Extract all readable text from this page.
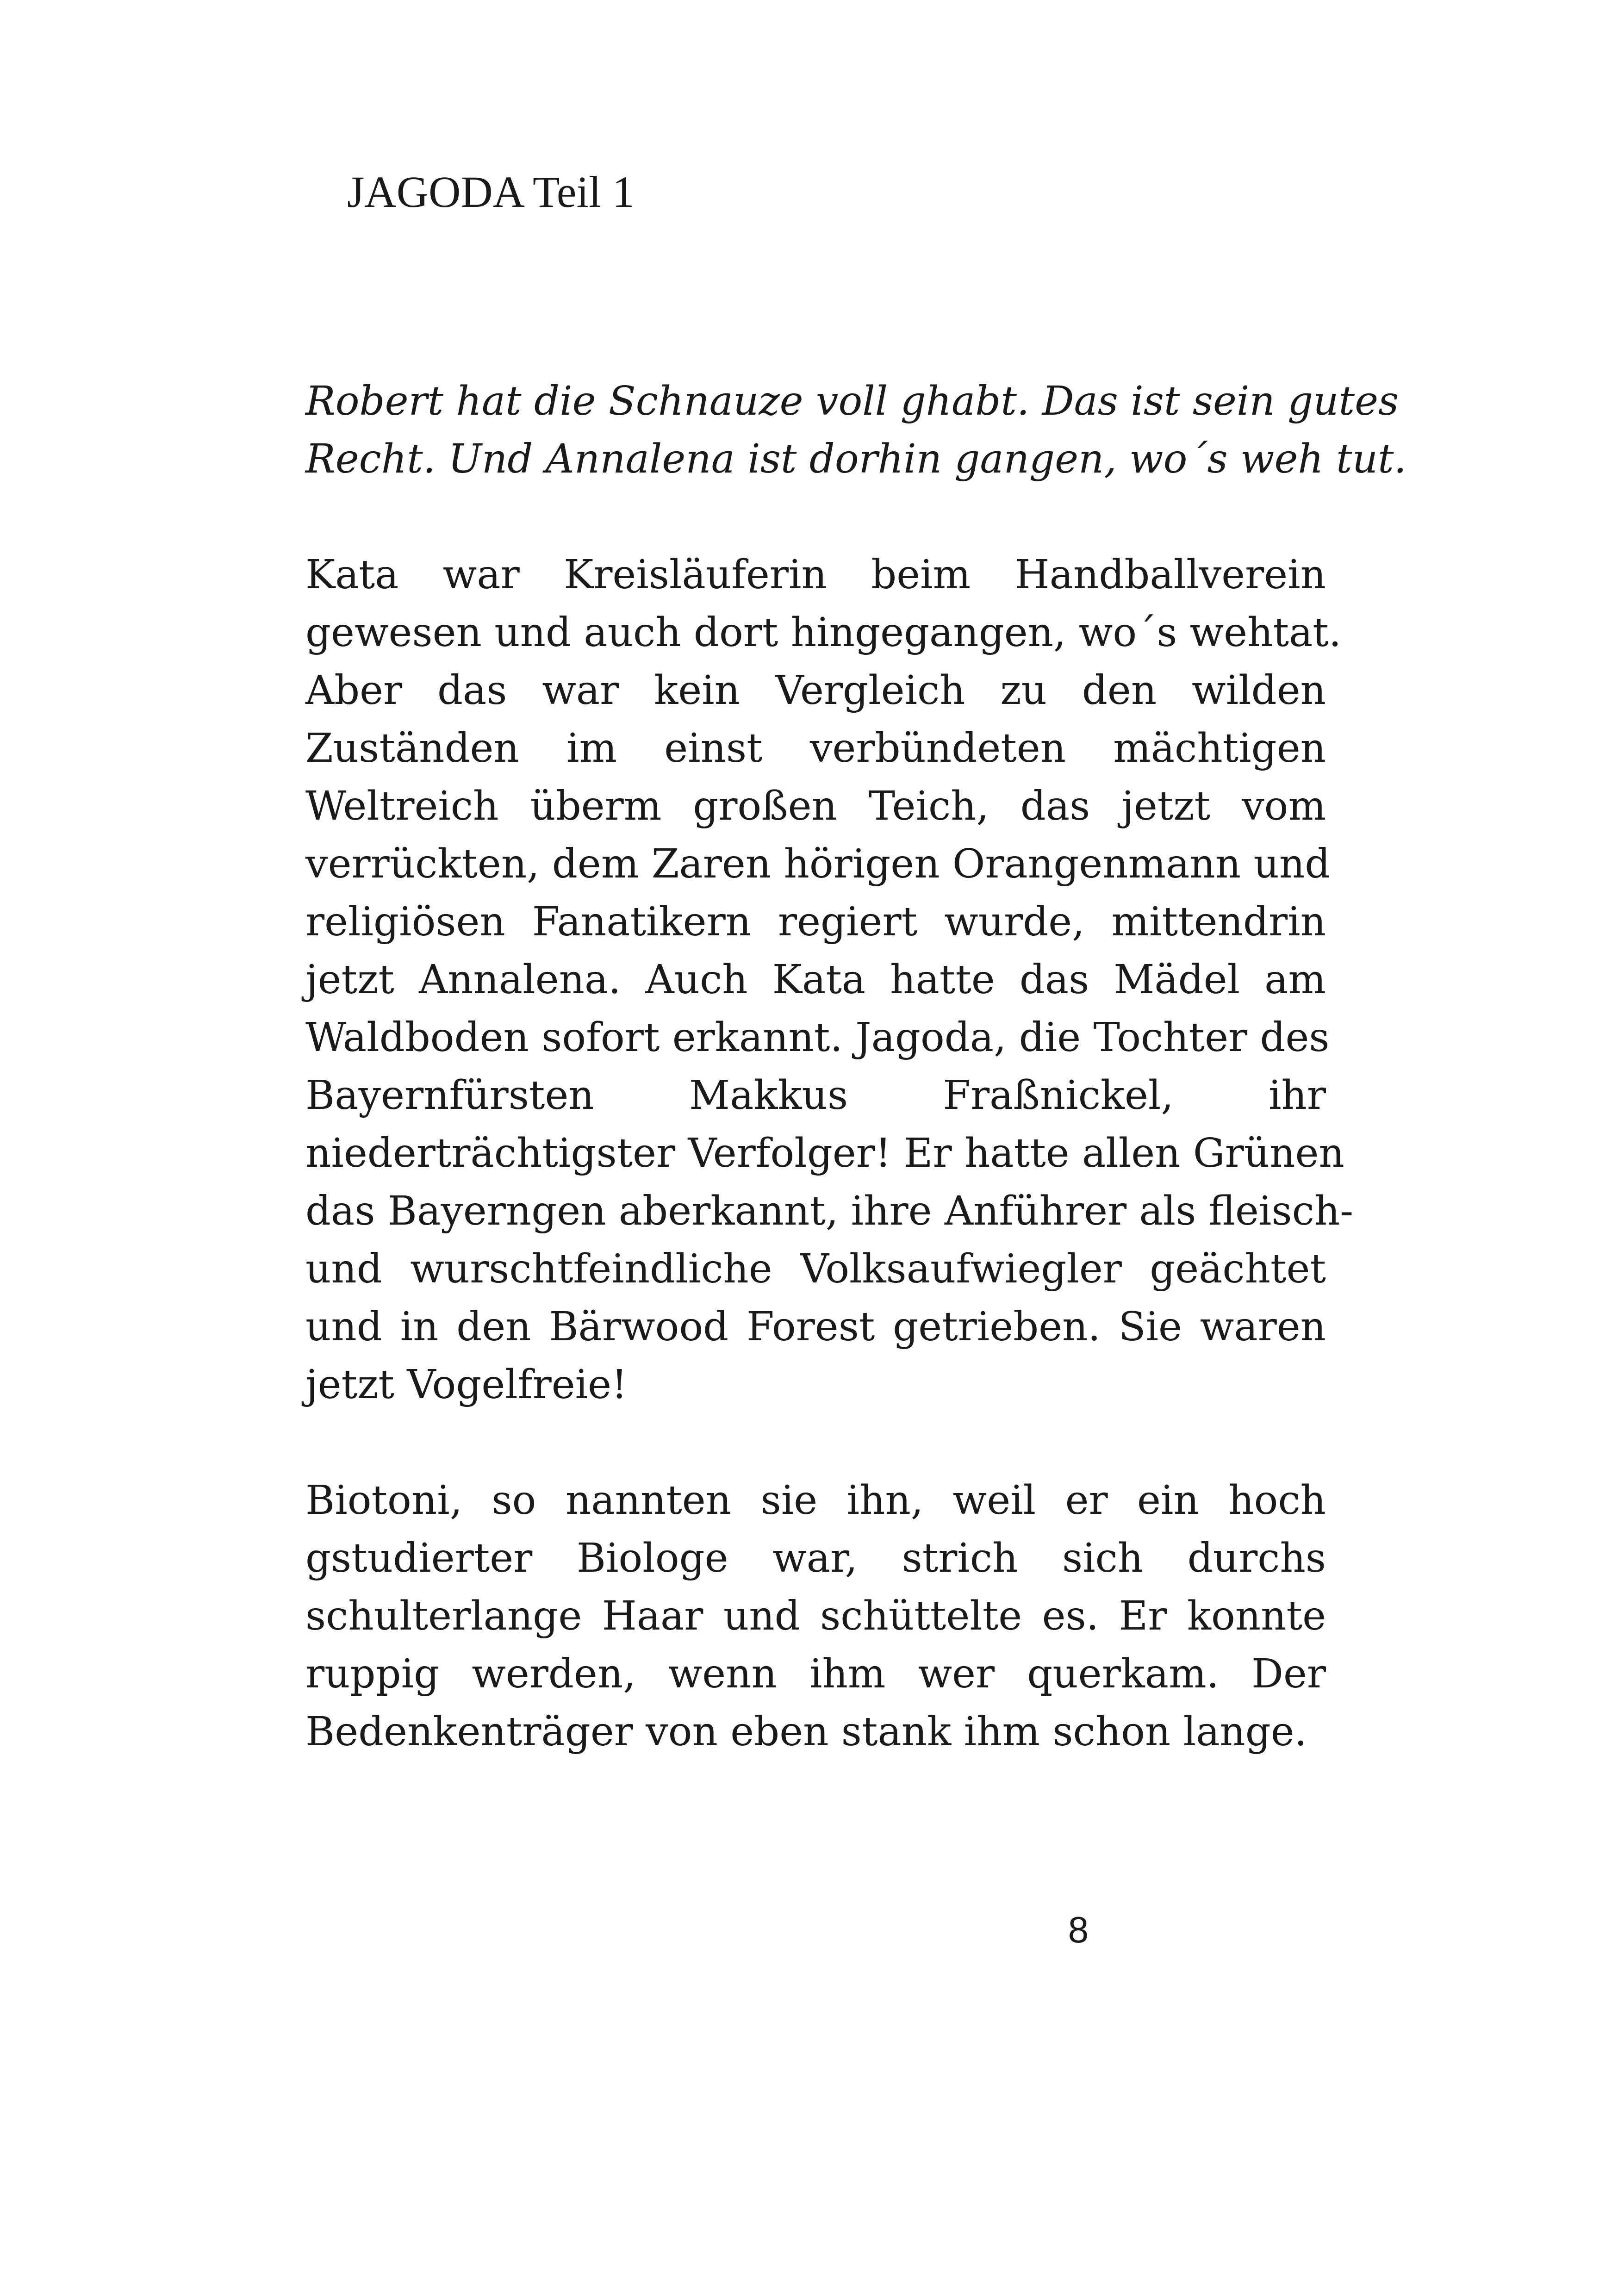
JAGODA Teil 1
Robert hat die Schnauze voll ghabt. Das ist sein gutes
Recht. Und Annalena ist dorhin gangen, wo´s weh tut.
Kata war Kreisläuferin beim Handballverein
gewesen und auch dort hingegangen, wo´s wehtat.
Aber das war kein Vergleich zu den wilden
Zuständen im einst verbündeten mächtigen
Weltreich überm großen Teich, das jetzt vom
verrückten, dem Zaren hörigen Orangenmann und
religiösen Fanatikern regiert wurde, mittendrin
jetzt Annalena. Auch Kata hatte das Mädel am
Waldboden sofort erkannt. Jagoda, die Tochter des
Bayernfürsten Makkus Fraßnickel, ihr
niederträchtigster Verfolger! Er hatte allen Grünen
das Bayerngen aberkannt, ihre Anführer als fleisch-
und wurschtfeindliche Volksaufwiegler geächtet
und in den Bärwood Forest getrieben. Sie waren
jetzt Vogelfreie!
Biotoni, so nannten sie ihn, weil er ein hoch
gstudierter Biologe war, strich sich durchs
schulterlange Haar und schüttelte es. Er konnte
ruppig werden, wenn ihm wer querkam. Der
Bedenkenträger von eben stank ihm schon lange.
8
